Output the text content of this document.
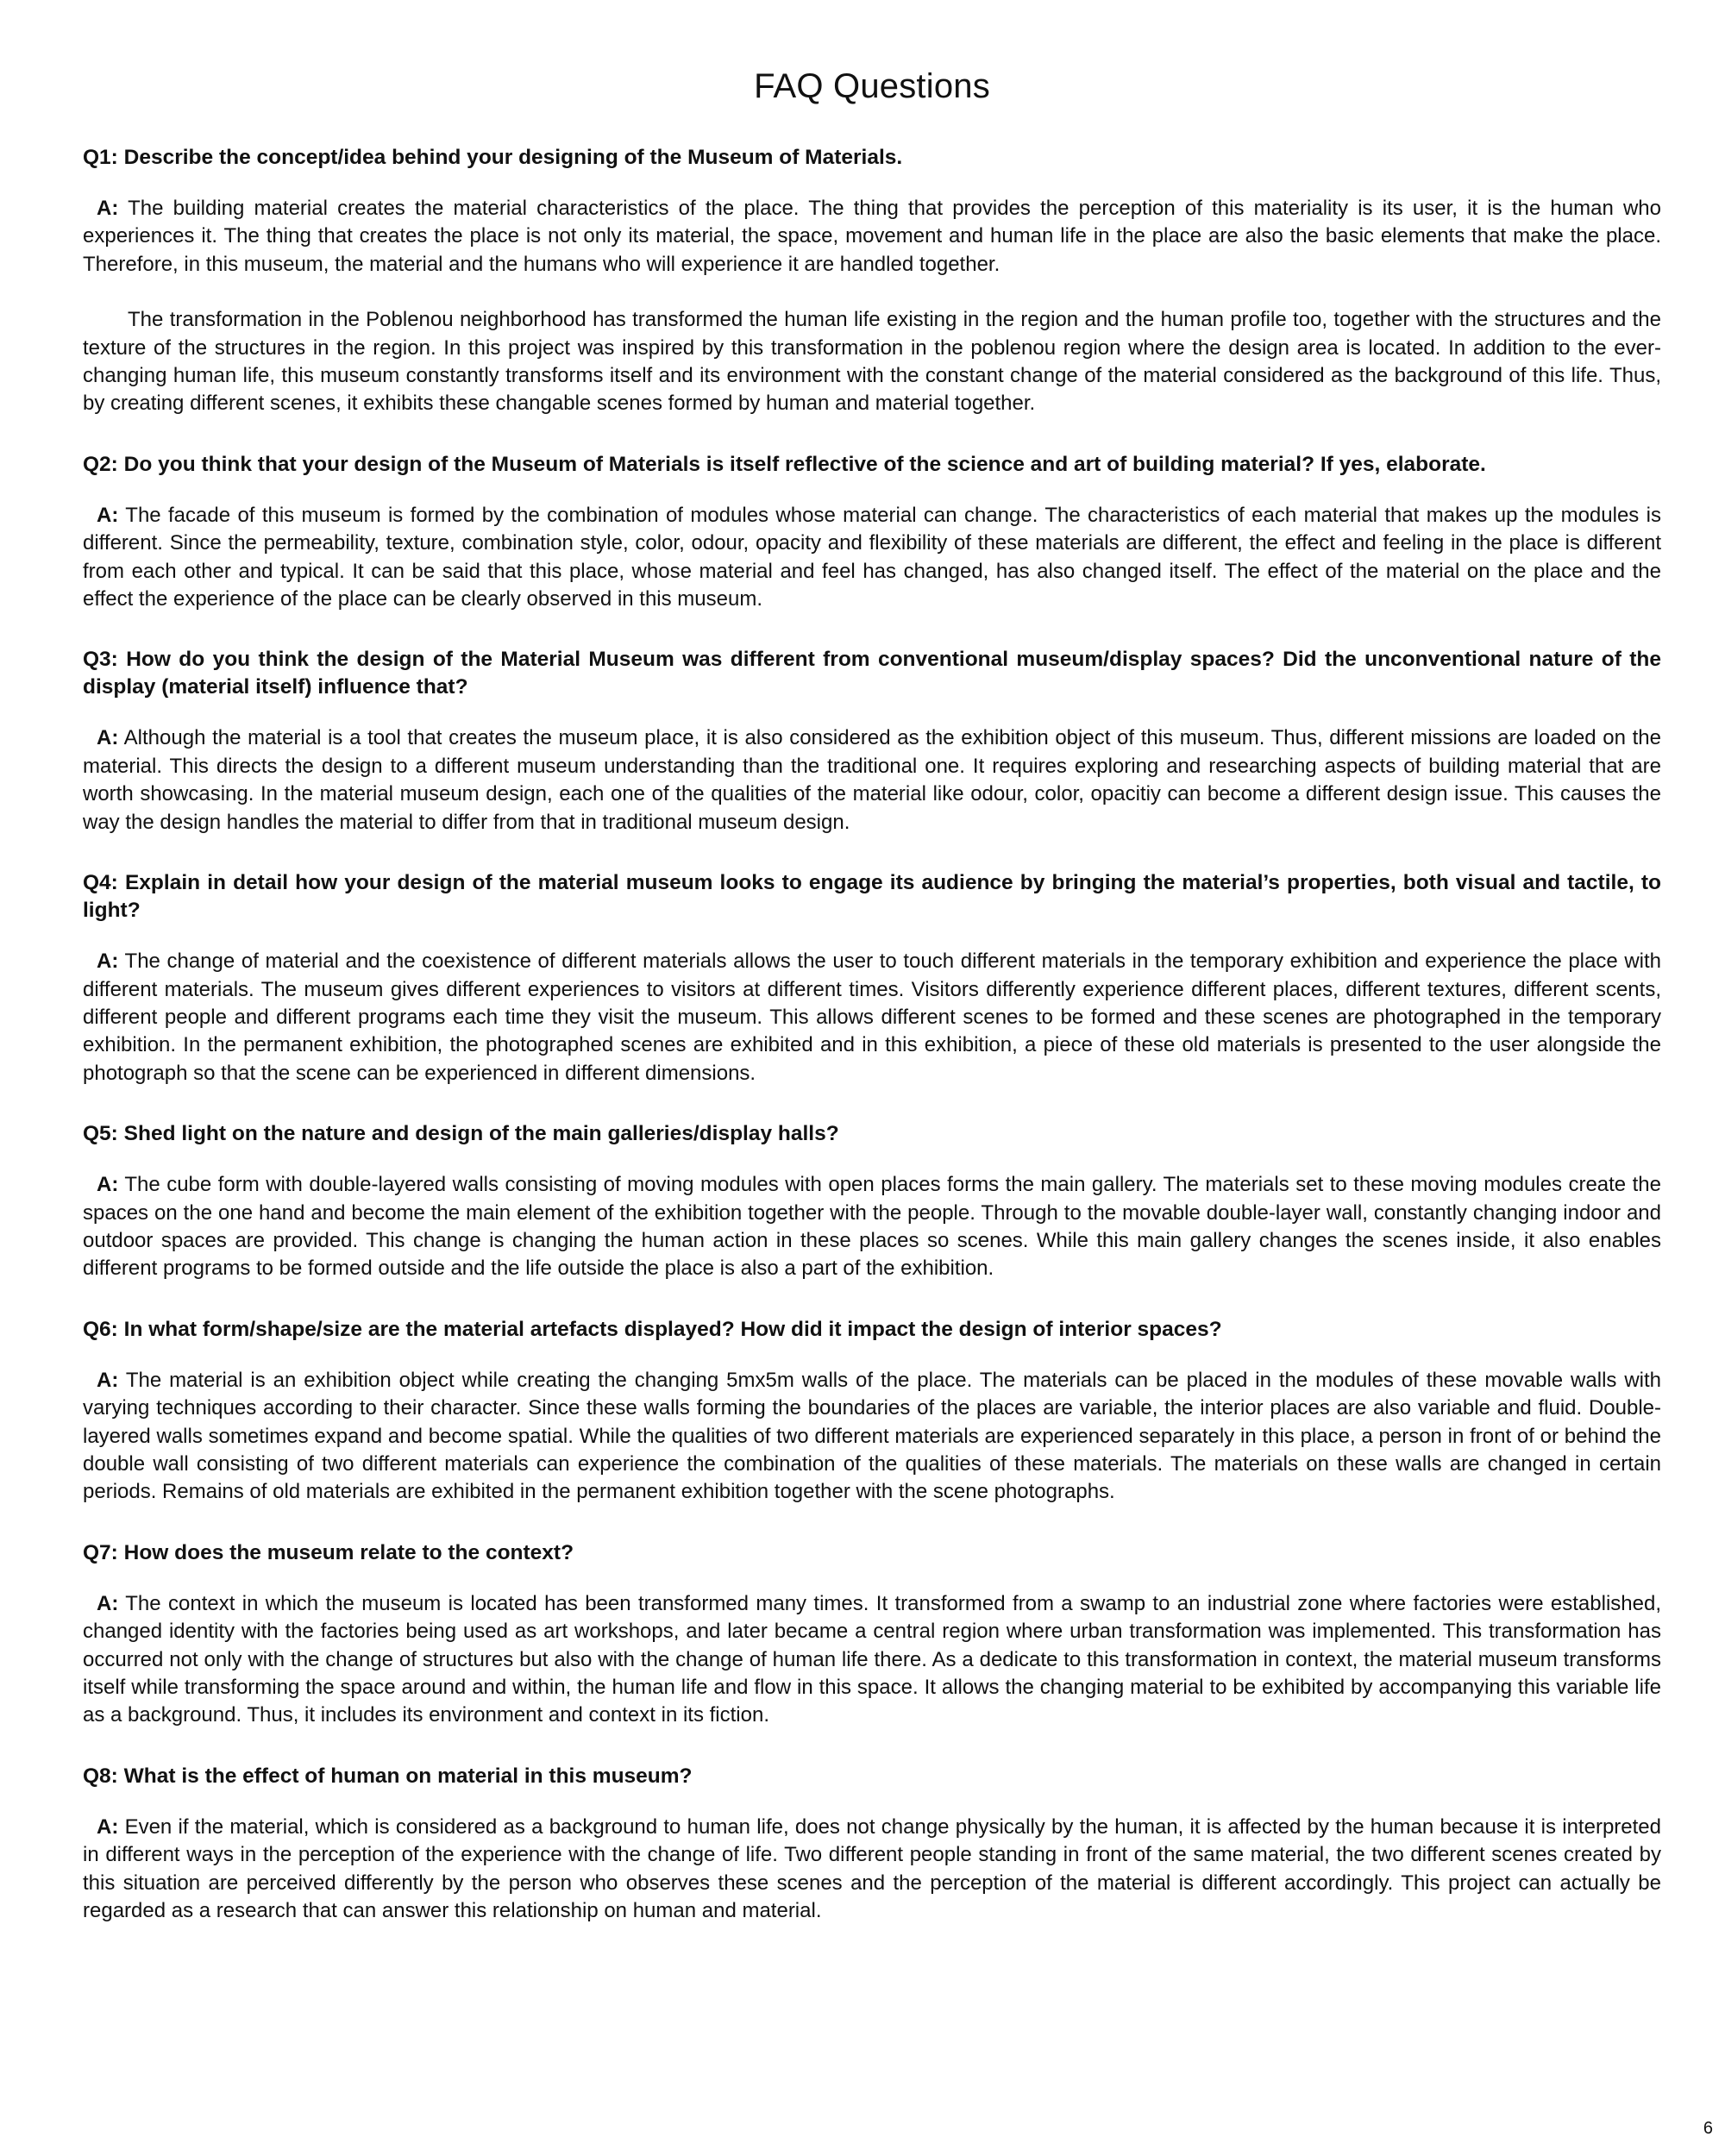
FAQ Questions

Q1: Describe the concept/idea behind your designing of the Museum of Materials.

A: The building material creates the material characteristics of the place. The thing that provides the perception of this materiality is its user, it is the human who experiences it. The thing that creates the place is not only its material, the space, movement and human life in the place are also the basic elements that make the place. Therefore, in this museum, the material and the humans who will experience it are handled together.

The transformation in the Poblenou neighborhood has transformed the human life existing in the region and the human profile too, together with the structures and the texture of the structures in the region. In this project was inspired by this transformation in the poblenou region where the design area is located. In addition to the ever-changing human life, this museum constantly transforms itself and its environment with the constant change of the material considered as the background of this life. Thus, by creating different scenes, it exhibits these changable scenes formed by human and material together.

Q2: Do you think that your design of the Museum of Materials is itself reflective of the science and art of building material? If yes, elaborate.

A: The facade of this museum is formed by the combination of modules whose material can change. The characteristics of each material that makes up the modules is different. Since the permeability, texture, combination style, color, odour, opacity and flexibility of these materials are different, the effect and feeling in the place is different from each other and typical. It can be said that this place, whose material and feel has changed, has also changed itself. The effect of the material on the place and the effect the experience of the place can be clearly observed in this museum.

Q3: How do you think the design of the Material Museum was different from conventional museum/display spaces? Did the unconventional nature of the display (material itself) influence that?

A: Although the material is a tool that creates the museum place, it is also considered as the exhibition object of this museum. Thus, different missions are loaded on the material. This directs the design to a different museum understanding than the traditional one. It requires exploring and researching aspects of building material that are worth showcasing. In the material museum design, each one of the qualities of the material like odour, color, opacitiy can become a different design issue. This causes the way the design handles the material to differ from that in traditional museum design.

Q4: Explain in detail how your design of the material museum looks to engage its audience by bringing the material’s properties, both visual and tactile, to light?

A: The change of material and the coexistence of different materials allows the user to touch different materials in the temporary exhibition and experience the place with different materials. The museum gives different experiences to visitors at different times. Visitors differently experience different places, different textures, different scents, different people and different programs each time they visit the museum. This allows different scenes to be formed and these scenes are photographed in the temporary exhibition. In the permanent exhibition, the photographed scenes are exhibited and in this exhibition, a piece of these old materials is presented to the user alongside the photograph so that the scene can be experienced in different dimensions.

Q5: Shed light on the nature and design of the main galleries/display halls?

A: The cube form with double-layered walls consisting of moving modules with open places forms the main gallery. The materials set to these moving modules create the spaces on the one hand and become the main element of the exhibition together with the people. Through to the movable double-layer wall, constantly changing indoor and outdoor spaces are provided. This change is changing the human action in these places so scenes. While this main gallery changes the scenes inside, it also enables different programs to be formed outside and the life outside the place is also a part of the exhibition.

Q6: In what form/shape/size are the material artefacts displayed? How did it impact the design of interior spaces?

A: The material is an exhibition object while creating the changing 5mx5m walls of the place. The materials can be placed in the modules of these movable walls with varying techniques according to their character. Since these walls forming the boundaries of the places are variable, the interior places are also variable and fluid. Double-layered walls sometimes expand and become spatial. While the qualities of two different materials are experienced separately in this place, a person in front of or behind the double wall consisting of two different materials can experience the combination of the qualities of these materials. The materials on these walls are changed in certain periods. Remains of old materials are exhibited in the permanent exhibition together with the scene photographs.

Q7: How does the museum relate to the context?

A: The context in which the museum is located has been transformed many times. It transformed from a swamp to an industrial zone where factories were established, changed identity with the factories being used as art workshops, and later became a central region where urban transformation was implemented. This transformation has occurred not only with the change of structures but also with the change of human life there. As a dedicate to this transformation in context, the material museum transforms itself while transforming the space around and within, the human life and flow in this space. It allows the changing material to be exhibited by accompanying this variable life as a background. Thus, it includes its environment and context in its fiction.

Q8: What is the effect of human on material in this museum?

A: Even if the material, which is considered as a background to human life, does not change physically by the human, it is affected by the human because it is interpreted in different ways in the perception of the experience with the change of life. Two different people standing in front of the same material, the two different scenes created by this situation are perceived differently by the person who observes these scenes and the perception of the material is different accordingly. This project can actually be regarded as a research that can answer this relationship on human and material.

6
